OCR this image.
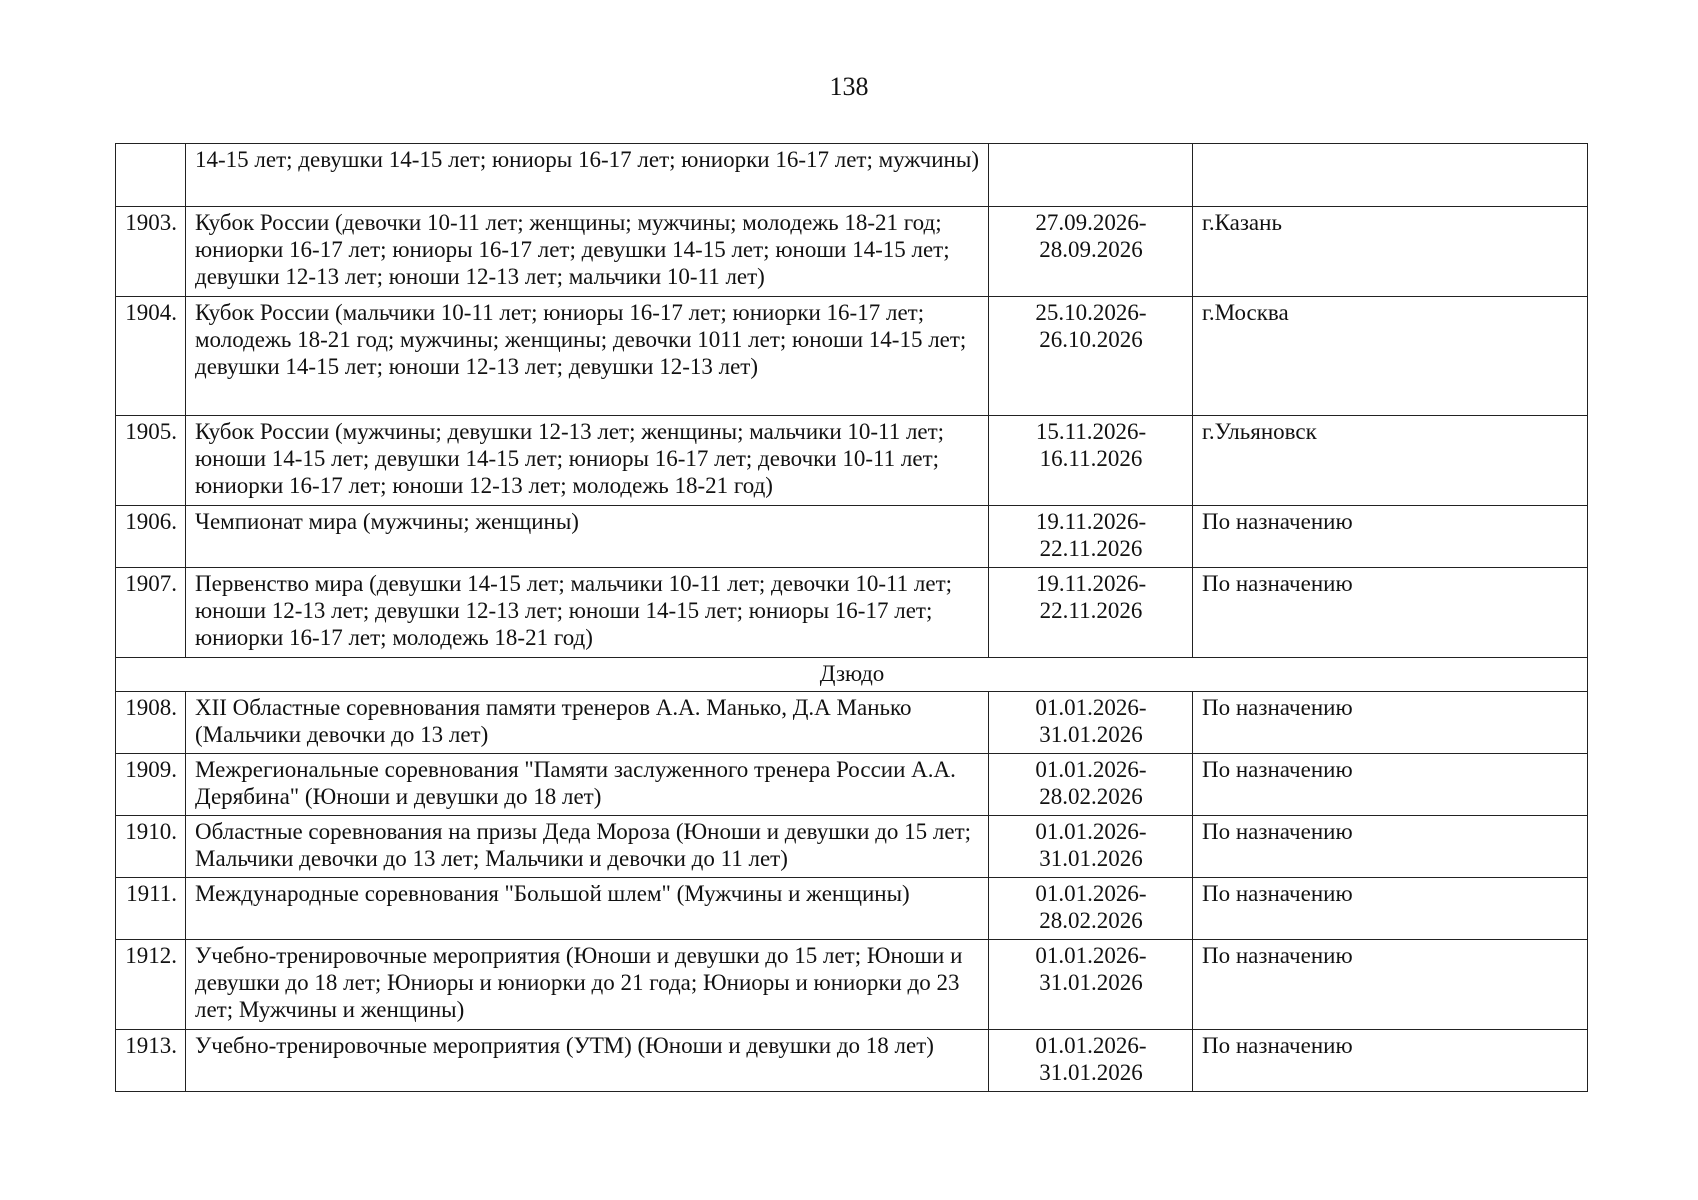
138
	14-15 лет; девушки 14-15 лет; юниоры 16-17 лет; юниорки 16-17 лет; мужчины)		
1903.	Кубок России (девочки 10-11 лет; женщины; мужчины; молодежь 18-21 год; юниорки 16-17 лет; юниоры 16-17 лет; девушки 14-15 лет; юноши 14-15 лет; девушки 12-13 лет; юноши 12-13 лет; мальчики 10-11 лет)	27.09.2026-28.09.2026	г.Казань
1904.	Кубок России (мальчики 10-11 лет; юниоры 16-17 лет; юниорки 16-17 лет; молодежь 18-21 год; мужчины; женщины; девочки 1011 лет; юноши 14-15 лет; девушки 14-15 лет; юноши 12-13 лет; девушки 12-13 лет)	25.10.2026-26.10.2026	г.Москва
1905.	Кубок России (мужчины; девушки 12-13 лет; женщины; мальчики 10-11 лет; юноши 14-15 лет; девушки 14-15 лет; юниоры 16-17 лет; девочки 10-11 лет; юниорки 16-17 лет; юноши 12-13 лет; молодежь 18-21 год)	15.11.2026-16.11.2026	г.Ульяновск
1906.	Чемпионат мира (мужчины; женщины)	19.11.2026-22.11.2026	По назначению
1907.	Первенство мира (девушки 14-15 лет; мальчики 10-11 лет; девочки 10-11 лет; юноши 12-13 лет; девушки 12-13 лет; юноши 14-15 лет; юниоры 16-17 лет; юниорки 16-17 лет; молодежь 18-21 год)	19.11.2026-22.11.2026	По назначению
Дзюдо			
1908.	XII Областные соревнования памяти тренеров А.А. Манько, Д.А Манько (Мальчики девочки до 13 лет)	01.01.2026-31.01.2026	По назначению
1909.	Межрегиональные соревнования "Памяти заслуженного тренера России А.А. Дерябина" (Юноши и девушки до 18 лет)	01.01.2026-28.02.2026	По назначению
1910.	Областные соревнования на призы Деда Мороза (Юноши и девушки до 15 лет; Мальчики девочки до 13 лет; Мальчики и девочки до 11 лет)	01.01.2026-31.01.2026	По назначению
1911.	Международные соревнования "Большой шлем" (Мужчины и женщины)	01.01.2026-28.02.2026	По назначению
1912.	Учебно-тренировочные мероприятия (Юноши и девушки до 15 лет; Юноши и девушки до 18 лет; Юниоры и юниорки до 21 года; Юниоры и юниорки до 23 лет; Мужчины и женщины)	01.01.2026-31.01.2026	По назначению
1913.	Учебно-тренировочные мероприятия (УТМ) (Юноши и девушки до 18 лет)	01.01.2026-31.01.2026	По назначению
